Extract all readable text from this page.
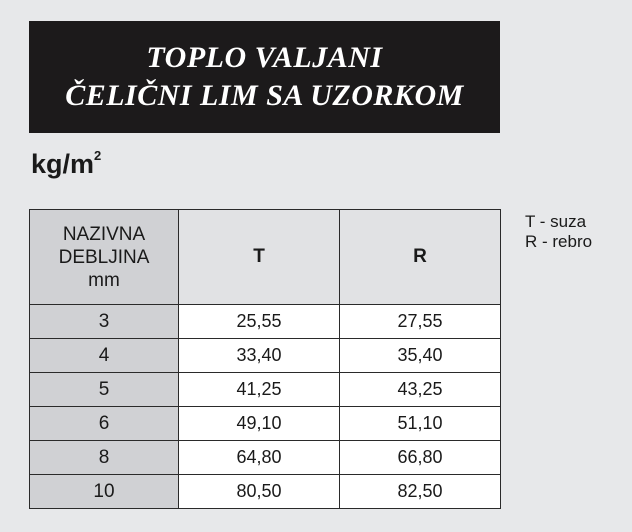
TOPLO VALJANI
ČELIČNI LIM SA UZORKOM
$kg/m^2$
T - suza
R - rebro
NAZIVNA
DEBLJINA
mm	T	R
3	25,55	27,55
4	33,40	35,40
5	41,25	43,25
6	49,10	51,10
8	64,80	66,80
10	80,50	82,50
